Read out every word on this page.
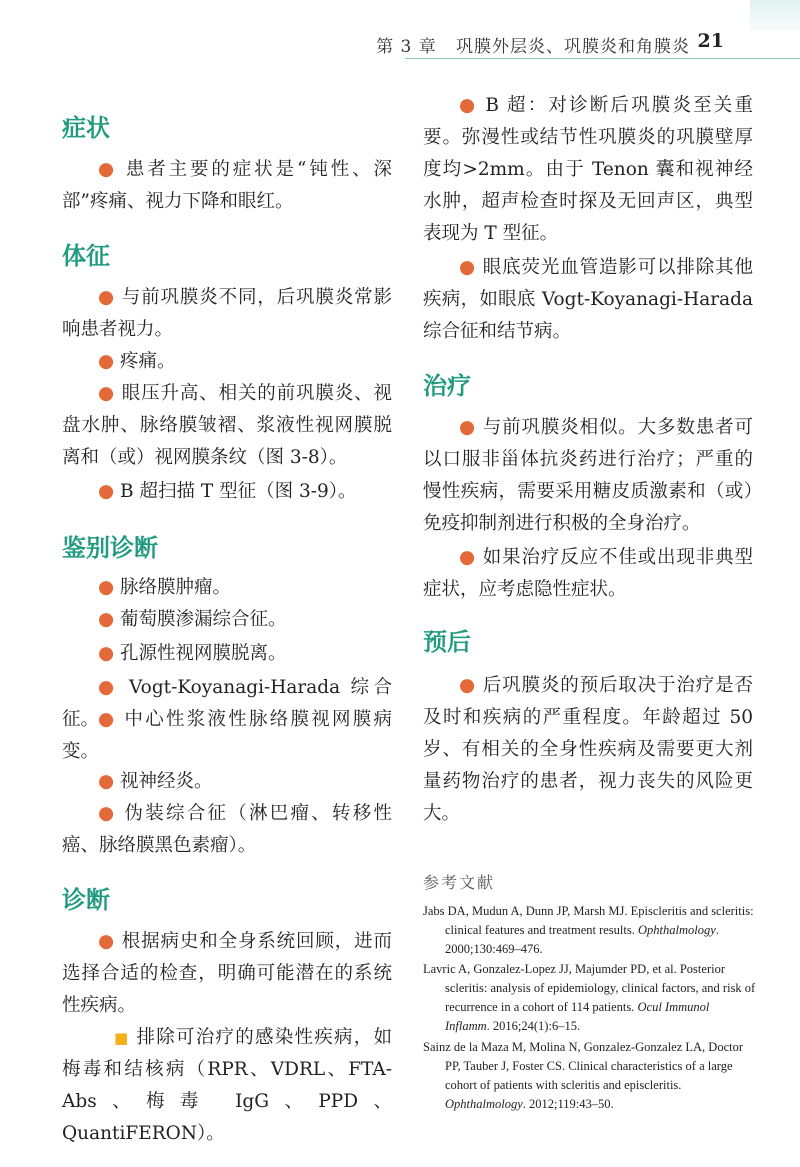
第 3 章 巩膜外层炎、巩膜炎和角膜炎 21
症状
● 患者主要的症状是“钝性、深部”疼痛、视力下降和眼红。
体征
● 与前巩膜炎不同，后巩膜炎常影响患者视力。
● 疼痛。
● 眼压升高、相关的前巩膜炎、视盘水肿、脉络膜皱褶、浆液性视网膜脱离和（或）视网膜条纹（图 3-8）。
● B 超扫描 T 型征（图 3-9）。
鉴别诊断
● 脉络膜肿瘤。
● 葡萄膜渗漏综合征。
● 孔源性视网膜脱离。
● Vogt-Koyanagi-Harada 综合征。
● 中心性浆液性脉络膜视网膜病变。
● 视神经炎。
● 伪装综合征（淋巴瘤、转移性癌、脉络膜黑色素瘤）。
诊断
● 根据病史和全身系统回顾，进而选择合适的检查，明确可能潜在的系统性疾病。
■ 排除可治疗的感染性疾病，如梅毒和结核病（RPR、VDRL、FTA-Abs、梅毒 IgG、PPD、QuantiFERON）。
● B 超：对诊断后巩膜炎至关重要。弥漫性或结节性巩膜炎的巩膜壁厚度均>2mm。由于 Tenon 囊和视神经水肿，超声检查时探及无回声区，典型表现为 T 型征。
● 眼底荧光血管造影可以排除其他疾病，如眼底 Vogt-Koyanagi-Harada 综合征和结节病。
治疗
● 与前巩膜炎相似。大多数患者可以口服非甾体抗炎药进行治疗；严重的慢性疾病，需要采用糖皮质激素和（或）免疫抑制剂进行积极的全身治疗。
● 如果治疗反应不佳或出现非典型症状，应考虑隐性症状。
预后
● 后巩膜炎的预后取决于治疗是否及时和疾病的严重程度。年龄超过 50 岁、有相关的全身性疾病及需要更大剂量药物治疗的患者，视力丧失的风险更大。
参考文献
Jabs DA, Mudun A, Dunn JP, Marsh MJ. Episcleritis and scleritis: clinical features and treatment results. Ophthalmology. 2000;130:469–476.
Lavric A, Gonzalez-Lopez JJ, Majumder PD, et al. Posterior scleritis: analysis of epidemiology, clinical factors, and risk of recurrence in a cohort of 114 patients. Ocul Immunol Inflamm. 2016;24(1):6–15.
Sainz de la Maza M, Molina N, Gonzalez-Gonzalez LA, Doctor PP, Tauber J, Foster CS. Clinical characteristics of a large cohort of patients with scleritis and episcleritis. Ophthalmology. 2012;119:43–50.
